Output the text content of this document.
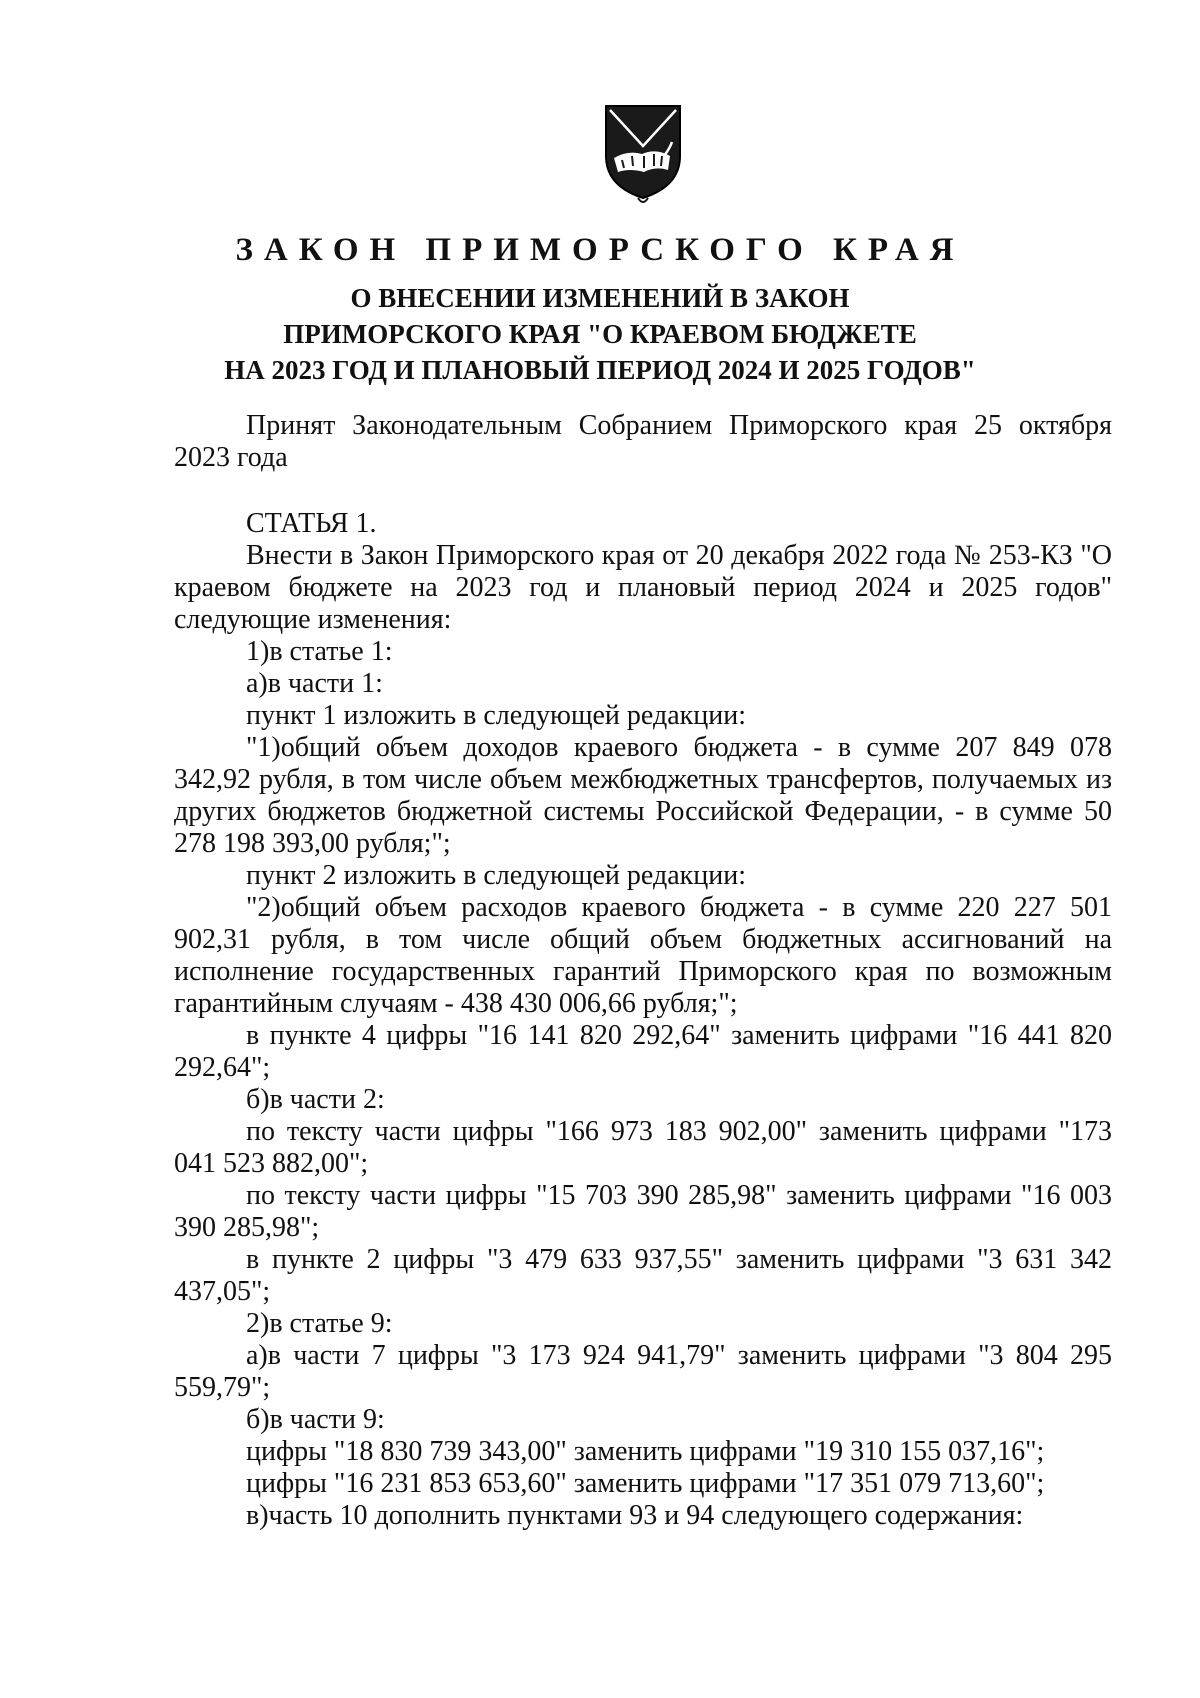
ЗАКОН ПРИМОРСКОГО КРАЯ
О ВНЕСЕНИИ ИЗМЕНЕНИЙ В ЗАКОН
ПРИМОРСКОГО КРАЯ "О КРАЕВОМ БЮДЖЕТЕ
НА 2023 ГОД И ПЛАНОВЫЙ ПЕРИОД 2024 И 2025 ГОДОВ"

Принят Законодательным Собранием Приморского края 25 октября 2023 года

СТАТЬЯ 1.

Внести в Закон Приморского края от 20 декабря 2022 года № 253-КЗ "О краевом бюджете на 2023 год и плановый период 2024 и 2025 годов" следующие изменения:

1)в статье 1:

а)в части 1:

пункт 1 изложить в следующей редакции:

"1)общий объем доходов краевого бюджета - в сумме 207 849 078 342,92 рубля, в том числе объем межбюджетных трансфертов, получаемых из других бюджетов бюджетной системы Российской Федерации, - в сумме 50 278 198 393,00 рубля;";

пункт 2 изложить в следующей редакции:

"2)общий объем расходов краевого бюджета - в сумме 220 227 501 902,31 рубля, в том числе общий объем бюджетных ассигнований на исполнение государственных гарантий Приморского края по возможным гарантийным случаям - 438 430 006,66 рубля;";

в пункте 4 цифры "16 141 820 292,64" заменить цифрами "16 441 820 292,64";

б)в части 2:

по тексту части цифры "166 973 183 902,00" заменить цифрами "173 041 523 882,00";

по тексту части цифры "15 703 390 285,98" заменить цифрами "16 003 390 285,98";

в пункте 2 цифры "3 479 633 937,55" заменить цифрами "3 631 342 437,05";

2)в статье 9:

а)в части 7 цифры "3 173 924 941,79" заменить цифрами "3 804 295 559,79";

б)в части 9:

цифры "18 830 739 343,00" заменить цифрами "19 310 155 037,16";

цифры "16 231 853 653,60" заменить цифрами "17 351 079 713,60";

в)часть 10 дополнить пунктами 93 и 94 следующего содержания:
